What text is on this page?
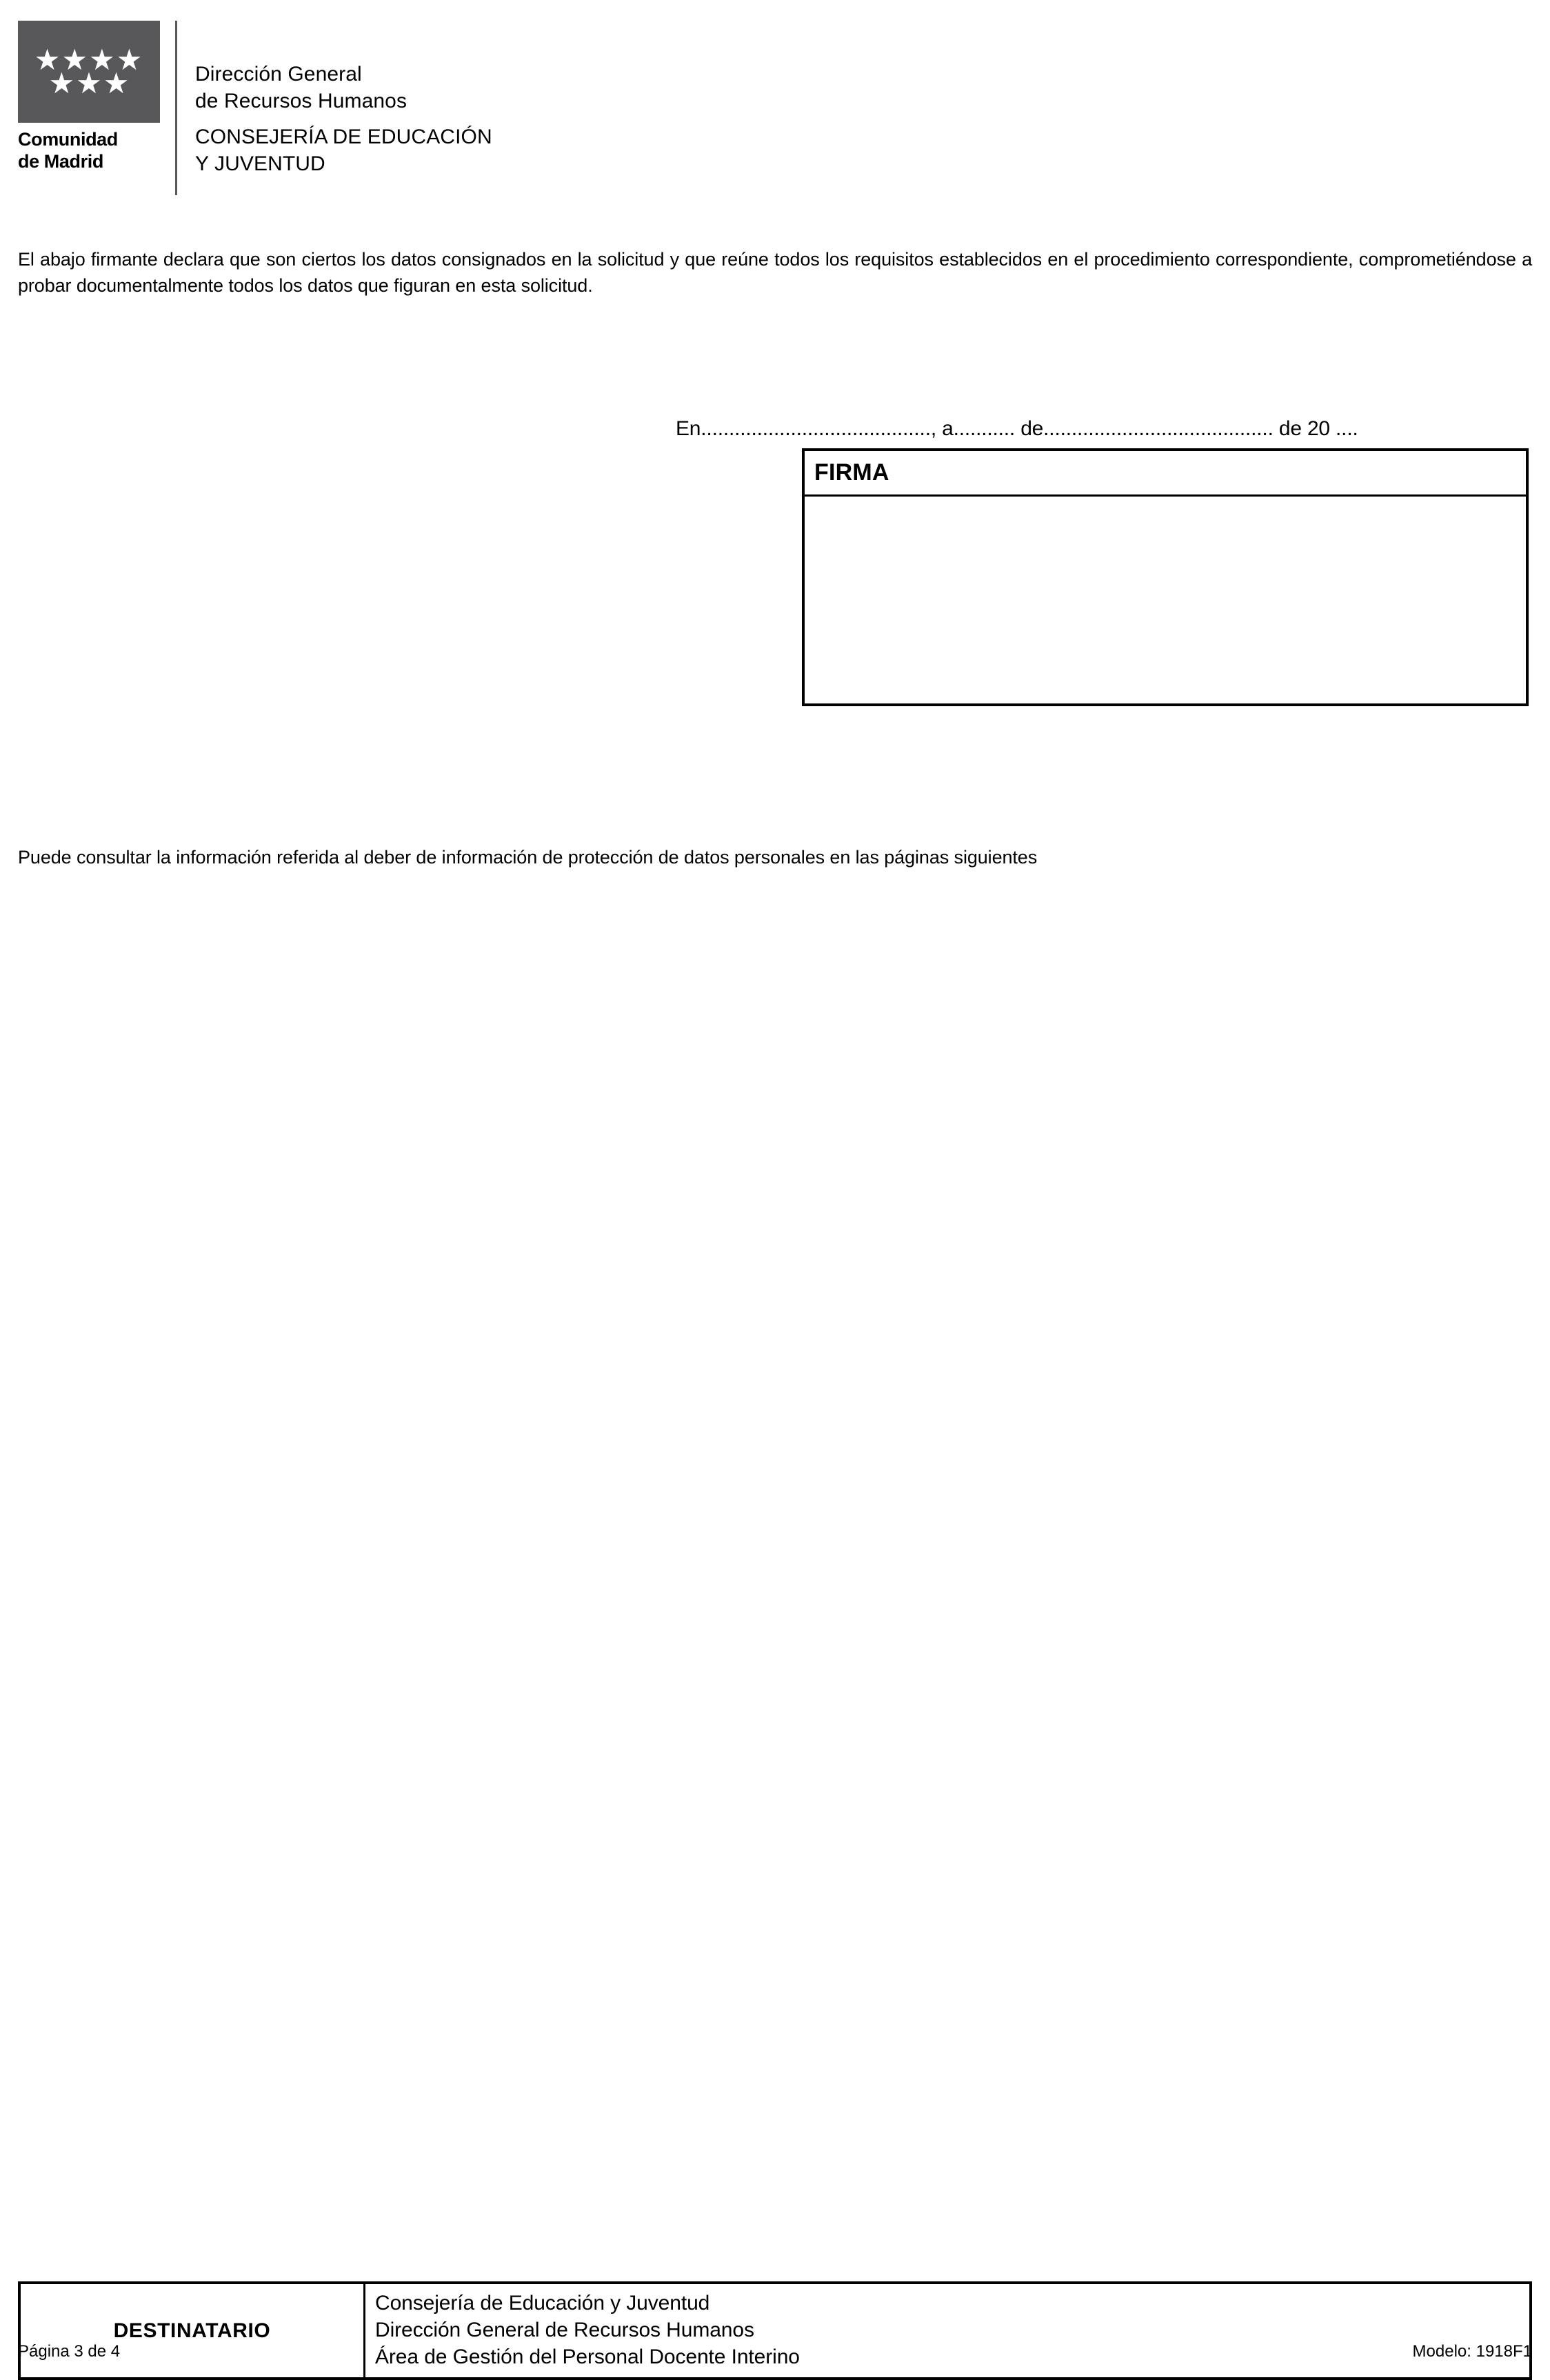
★★★★
★★★
Comunidad
de Madrid
Dirección General
de Recursos Humanos
CONSEJERÍA DE EDUCACIÓN
Y JUVENTUD
El abajo firmante declara que son ciertos los datos consignados en la solicitud y que reúne todos los requisitos establecidos en el procedimiento correspondiente, comprometiéndose a probar documentalmente todos los datos que figuran en esta solicitud.
En........................................., a........... de......................................... de 20 ....
FIRMA
Puede consultar la información referida al deber de información de protección de datos personales en las páginas siguientes
DESTINATARIO
Consejería de Educación y Juventud
Dirección General de Recursos Humanos
Área de Gestión del Personal Docente Interino
Página 3 de 4	Modelo: 1918F1
